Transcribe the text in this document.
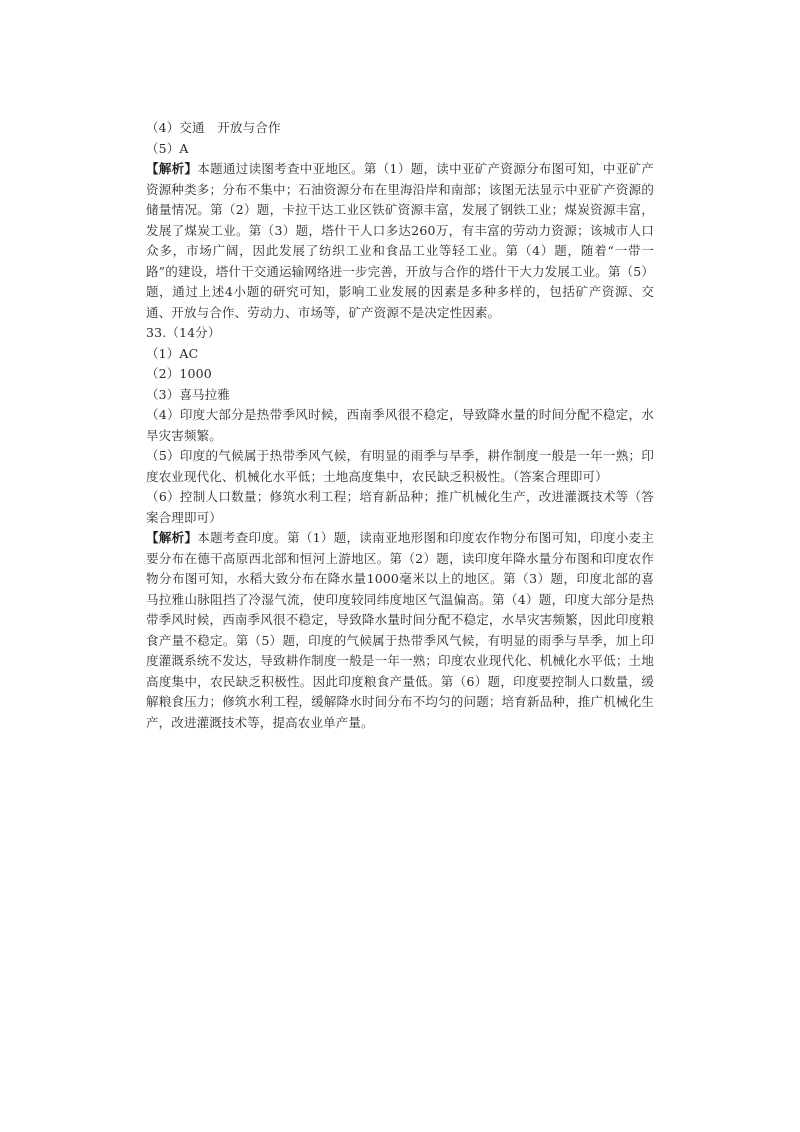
（4）交通　开放与合作

（5）A

【解析】本题通过读图考查中亚地区。第（1）题，读中亚矿产资源分布图可知，中亚矿产资源种类多；分布不集中；石油资源分布在里海沿岸和南部；该图无法显示中亚矿产资源的储量情况。第（2）题，卡拉干达工业区铁矿资源丰富，发展了钢铁工业；煤炭资源丰富，发展了煤炭工业。第（3）题，塔什干人口多达260万，有丰富的劳动力资源；该城市人口众多，市场广阔，因此发展了纺织工业和食品工业等轻工业。第（4）题，随着“一带一路”的建设，塔什干交通运输网络进一步完善，开放与合作的塔什干大力发展工业。第（5）题，通过上述4小题的研究可知，影响工业发展的因素是多种多样的，包括矿产资源、交通、开放与合作、劳动力、市场等，矿产资源不是决定性因素。

33.（14分）

（1）AC

（2）1000

（3）喜马拉雅

（4）印度大部分是热带季风时候，西南季风很不稳定，导致降水量的时间分配不稳定，水旱灾害频繁。

（5）印度的气候属于热带季风气候，有明显的雨季与旱季，耕作制度一般是一年一熟；印度农业现代化、机械化水平低；土地高度集中，农民缺乏积极性。（答案合理即可）

（6）控制人口数量；修筑水利工程；培育新品种；推广机械化生产，改进灌溉技术等（答案合理即可）

【解析】本题考查印度。第（1）题，读南亚地形图和印度农作物分布图可知，印度小麦主要分布在德干高原西北部和恒河上游地区。第（2）题，读印度年降水量分布图和印度农作物分布图可知，水稻大致分布在降水量1000毫米以上的地区。第（3）题，印度北部的喜马拉雅山脉阻挡了冷湿气流，使印度较同纬度地区气温偏高。第（4）题，印度大部分是热带季风时候，西南季风很不稳定，导致降水量时间分配不稳定，水旱灾害频繁，因此印度粮食产量不稳定。第（5）题，印度的气候属于热带季风气候，有明显的雨季与旱季，加上印度灌溉系统不发达，导致耕作制度一般是一年一熟；印度农业现代化、机械化水平低；土地高度集中，农民缺乏积极性。因此印度粮食产量低。第（6）题，印度要控制人口数量，缓解粮食压力；修筑水利工程，缓解降水时间分布不均匀的问题；培育新品种，推广机械化生产，改进灌溉技术等，提高农业单产量。
